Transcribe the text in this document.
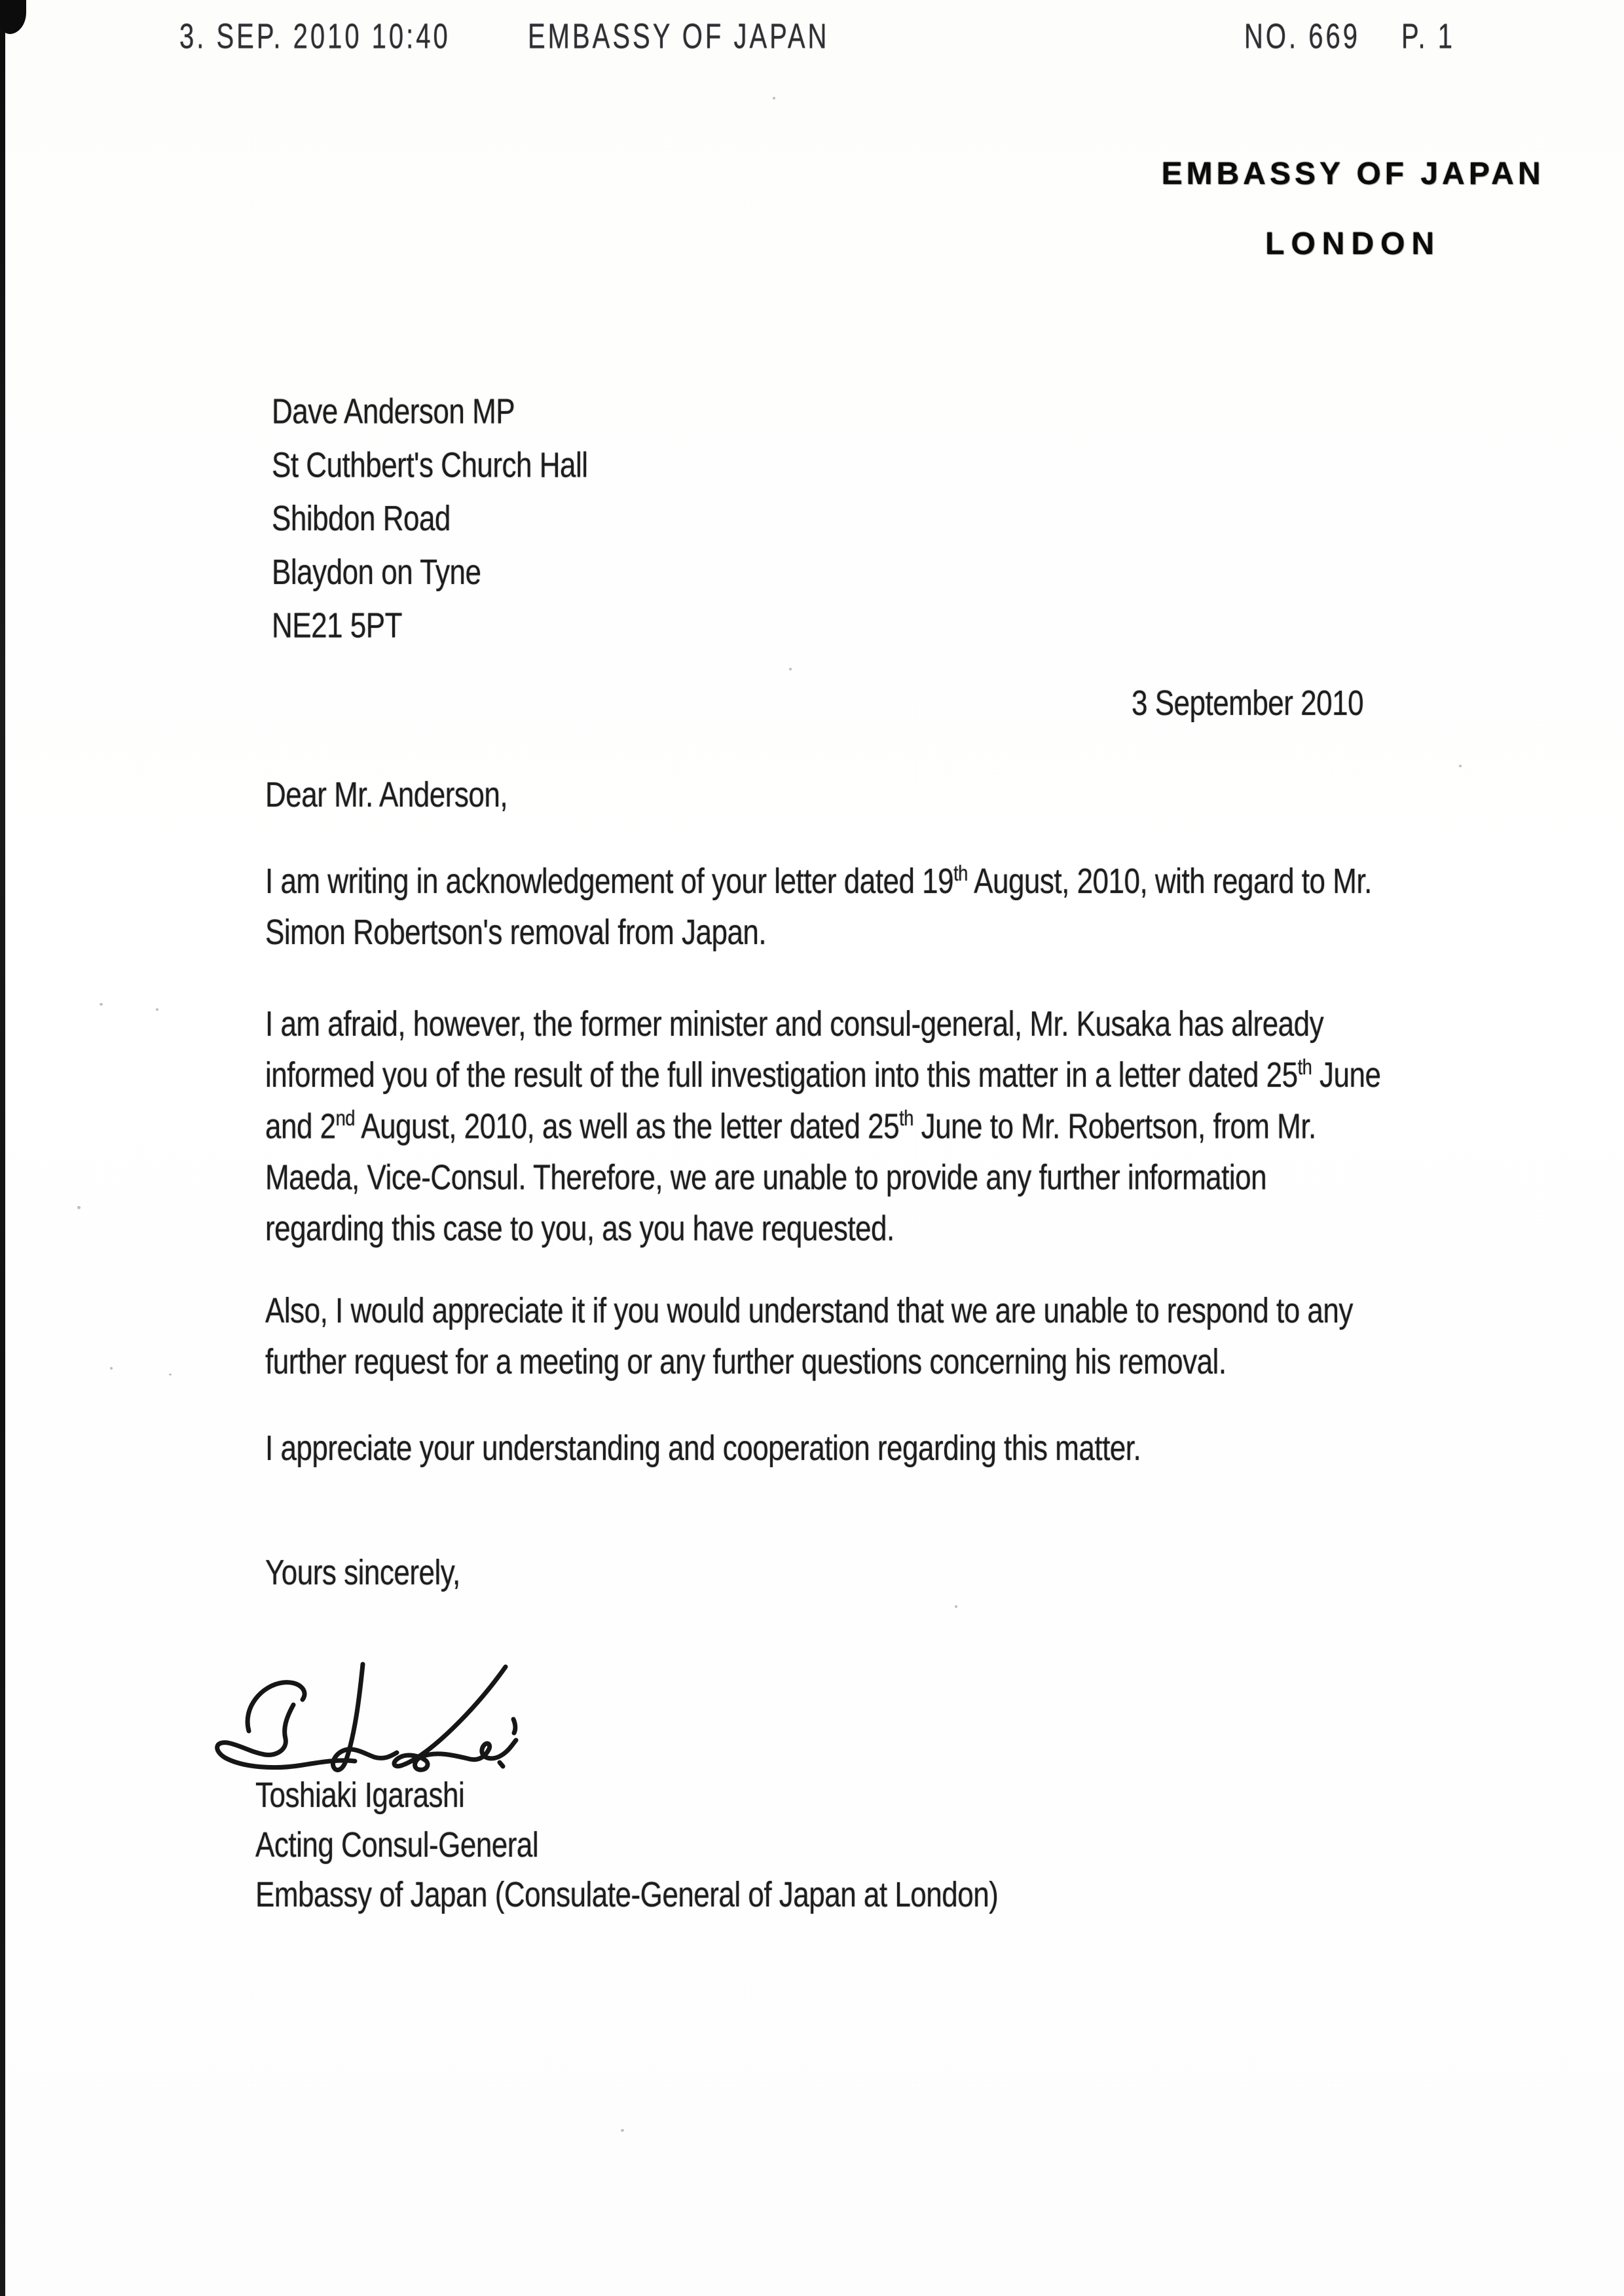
3. SEP. 2010 10:40	EMBASSY OF JAPAN	NO. 669 P. 1
EMBASSY OF JAPAN
LONDON
Dave Anderson MP
St Cuthbert's Church Hall
Shibdon Road
Blaydon on Tyne
NE21 5PT
3 September 2010
Dear Mr. Anderson,
I am writing in acknowledgement of your letter dated 19th August, 2010, with regard to Mr.
Simon Robertson's removal from Japan.
I am afraid, however, the former minister and consul-general, Mr. Kusaka has already
informed you of the result of the full investigation into this matter in a letter dated 25th June
and 2nd August, 2010, as well as the letter dated 25th June to Mr. Robertson, from Mr.
Maeda, Vice-Consul. Therefore, we are unable to provide any further information
regarding this case to you, as you have requested.
Also, I would appreciate it if you would understand that we are unable to respond to any
further request for a meeting or any further questions concerning his removal.
I appreciate your understanding and cooperation regarding this matter.
Yours sincerely,
Toshiaki Igarashi
Acting Consul-General
Embassy of Japan (Consulate-General of Japan at London)
